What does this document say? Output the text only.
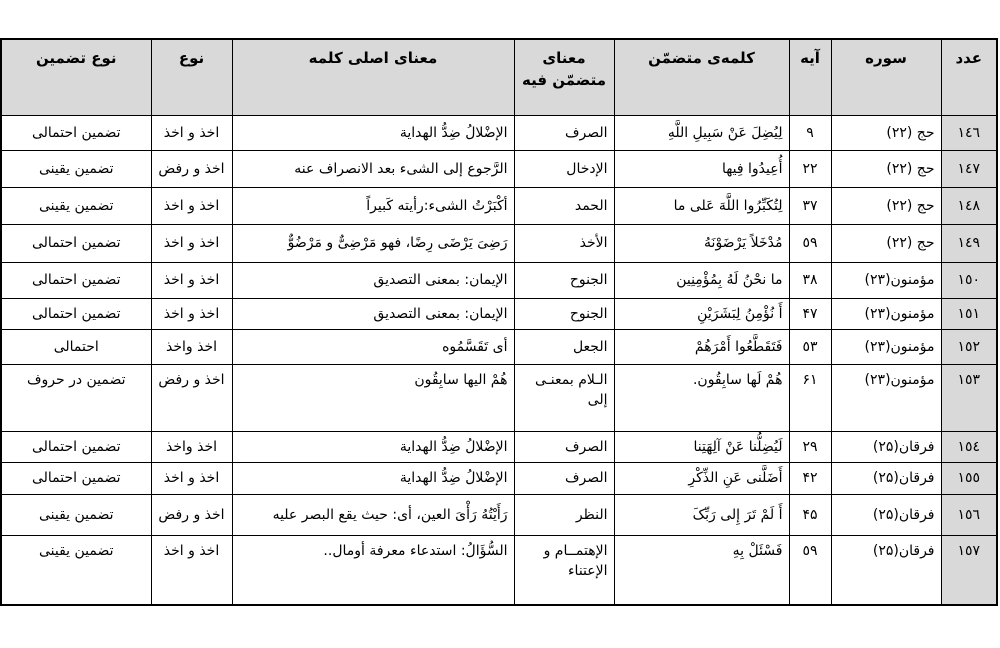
عدد	سوره	آیه	کلمه‌ی متضمّن	معنای متضمّن فیه	معنای اصلی کلمه	نوع	نوع تضمین
١٤٦	حج (٢٢)	٩	لِیُضِلَ عَنْ سَبِیلِ اللَّهِ	الصرف	الإضْلالُ ضِدُّ الهدایة	اخذ و اخذ	تضمین احتمالی
١٤٧	حج (٢٢)	٢٢	أُعِیدُوا فِیها	الإدخال	الرَّجوع إلی الشیء بعد الانصراف عنه	اخذ و رفض	تضمین یقینی
١٤٨	حج (٢٢)	٣٧	لِتُکَبِّرُوا اللَّهَ عَلی ما	الحمد	أکْبَرْتُ الشیء:رأیته کَبیراً	اخذ و اخذ	تضمین یقینی
١٤٩	حج (٢٢)	٥٩	مُدْخَلاً یَرْضَوْنَهُ	الأخذ	رَضِیَ یَرْضَی رِضًا، فهو مَرْضِیٌّ و مَرْضُوٌّ	اخذ و اخذ	تضمین احتمالی
١٥٠	مؤمنون(٢٣)	٣٨	ما نحْنُ لَهُ بِمُؤْمِنِین	الجنوح	الإیمان: بمعنی التصدیق	اخذ و اخذ	تضمین احتمالی
١٥١	مؤمنون(٢٣)	۴٧	أَ نُؤْمِنُ لِبَشَرَیْنِ	الجنوح	الإیمان: بمعنی التصدیق	اخذ و اخذ	تضمین احتمالی
١٥٢	مؤمنون(٢٣)	٥٣	فَتَقَطَّعُوا أَمْرَهُمْ	الجعل	أی تَقَسَّمُوه	اخذ واخذ	احتمالی
١٥٣	مؤمنون(٢٣)	۶١	هُمْ لَها سابِقُون.	الـلام بمعنـی إلی	هُمْ الیها سابِقُون	اخذ و رفض	تضمین در حروف
١٥٤	فرقان(٢۵)	٢٩	لَیُضِلُّنا عَنْ آلِهَتِنا	الصرف	الإضْلالُ ضِدُّ الهدایة	اخذ واخذ	تضمین احتمالی
١٥٥	فرقان(٢۵)	۴٢	أَضَلَّنی عَنِ الذِّکْرِ	الصرف	الإضْلالُ ضِدُّ الهدایة	اخذ و اخذ	تضمین احتمالی
١٥٦	فرقان(٢۵)	۴۵	أَ لَمْ تَرَ إِلی رَبِّکَ	النظر	رَأَیْتُهُ رَأْیَ العین، أی: حیث یقع البصر علیه	اخذ و رفض	تضمین یقینی
١٥٧	فرقان(٢۵)	٥٩	فَسْئَلْ بِهِ	الإهتمــام و الإعتناء	السُّؤَالُ: استدعاء معرفة أومال..	اخذ و اخذ	تضمین یقینی
